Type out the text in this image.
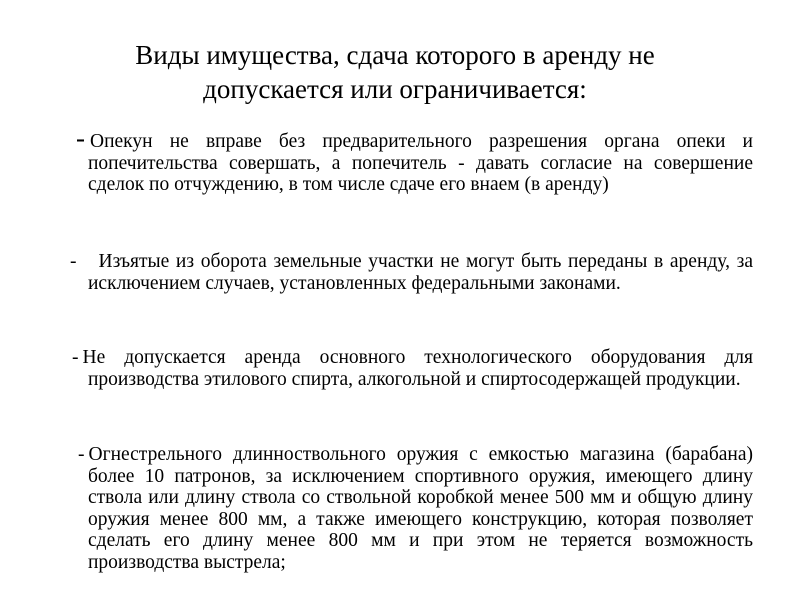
Виды имущества, сдача которого в аренду не
допускается или ограничивается:

- Опекун не вправе без предварительного разрешения органа опеки и попечительства совершать, а попечитель - давать согласие на совершение сделок по отчуждению, в том числе сдаче его внаем (в аренду)

- Изъятые из оборота земельные участки не могут быть переданы в аренду, за исключением случаев, установленных федеральными законами.

- Не допускается аренда основного технологического оборудования для производства этилового спирта, алкогольной и спиртосодержащей продукции.

- Огнестрельного длинноствольного оружия с емкостью магазина (барабана) более 10 патронов, за исключением спортивного оружия, имеющего длину ствола или длину ствола со ствольной коробкой менее 500 мм и общую длину оружия менее 800 мм, а также имеющего конструкцию, которая позволяет сделать его длину менее 800 мм и при этом не теряется возможность производства выстрела;
